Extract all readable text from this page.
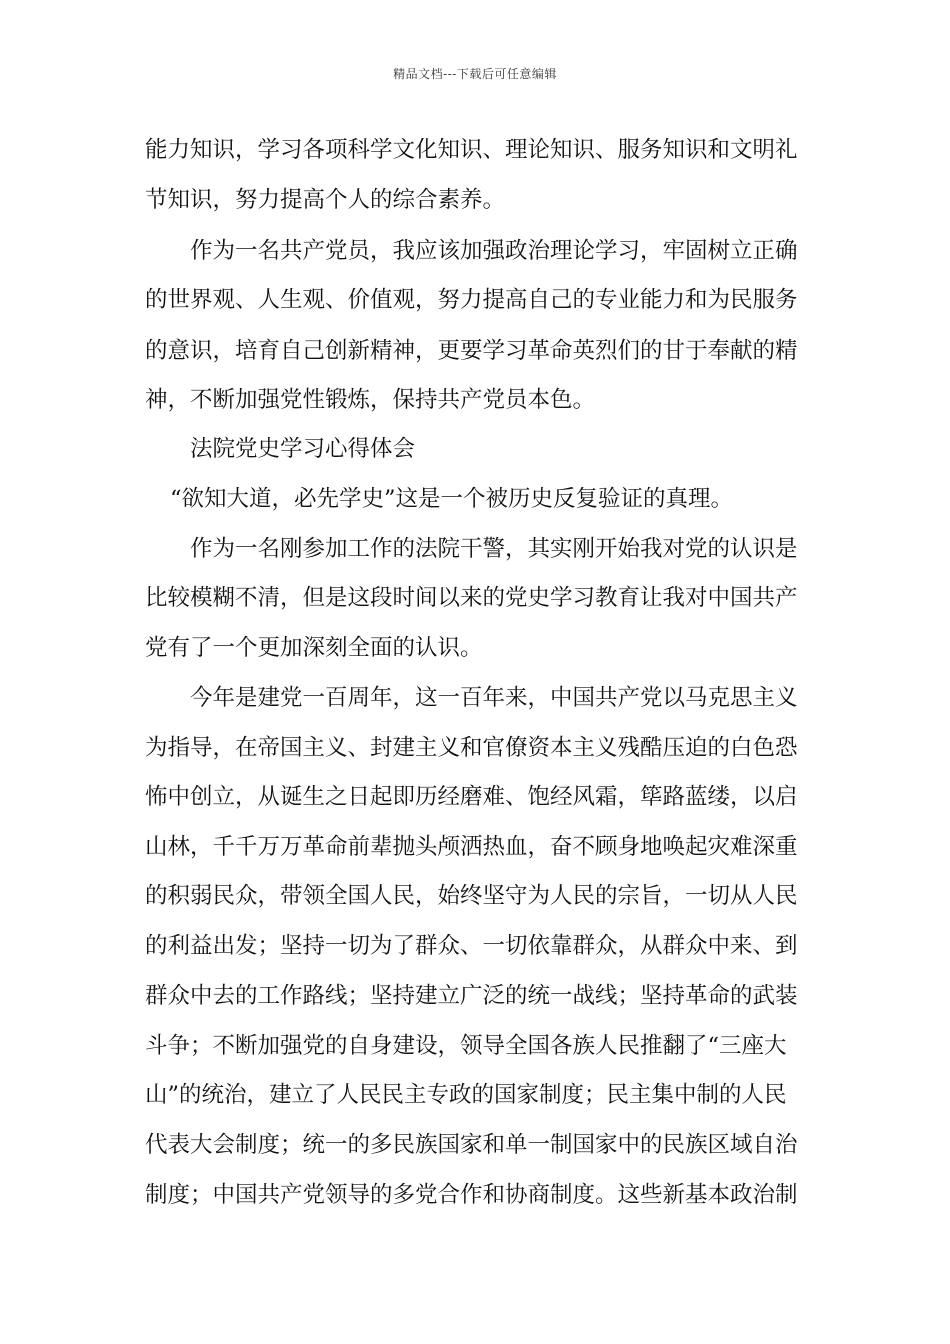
精品文档---下载后可任意编辑
能力知识，学习各项科学文化知识、理论知识、服务知识和文明礼
节知识，努力提高个人的综合素养。
作为一名共产党员，我应该加强政治理论学习，牢固树立正确
的世界观、人生观、价值观，努力提高自己的专业能力和为民服务
的意识，培育自己创新精神，更要学习革命英烈们的甘于奉献的精
神，不断加强党性锻炼，保持共产党员本色。
法院党史学习心得体会
“欲知大道，必先学史”这是一个被历史反复验证的真理。
作为一名刚参加工作的法院干警，其实刚开始我对党的认识是
比较模糊不清，但是这段时间以来的党史学习教育让我对中国共产
党有了一个更加深刻全面的认识。
今年是建党一百周年，这一百年来，中国共产党以马克思主义
为指导，在帝国主义、封建主义和官僚资本主义残酷压迫的白色恐
怖中创立，从诞生之日起即历经磨难、饱经风霜，筚路蓝缕，以启
山林，千千万万革命前辈抛头颅洒热血，奋不顾身地唤起灾难深重
的积弱民众，带领全国人民，始终坚守为人民的宗旨，一切从人民
的利益出发；坚持一切为了群众、一切依靠群众，从群众中来、到
群众中去的工作路线；坚持建立广泛的统一战线；坚持革命的武装
斗争；不断加强党的自身建设，领导全国各族人民推翻了“三座大
山”的统治，建立了人民民主专政的国家制度；民主集中制的人民
代表大会制度；统一的多民族国家和单一制国家中的民族区域自治
制度；中国共产党领导的多党合作和协商制度。这些新基本政治制
